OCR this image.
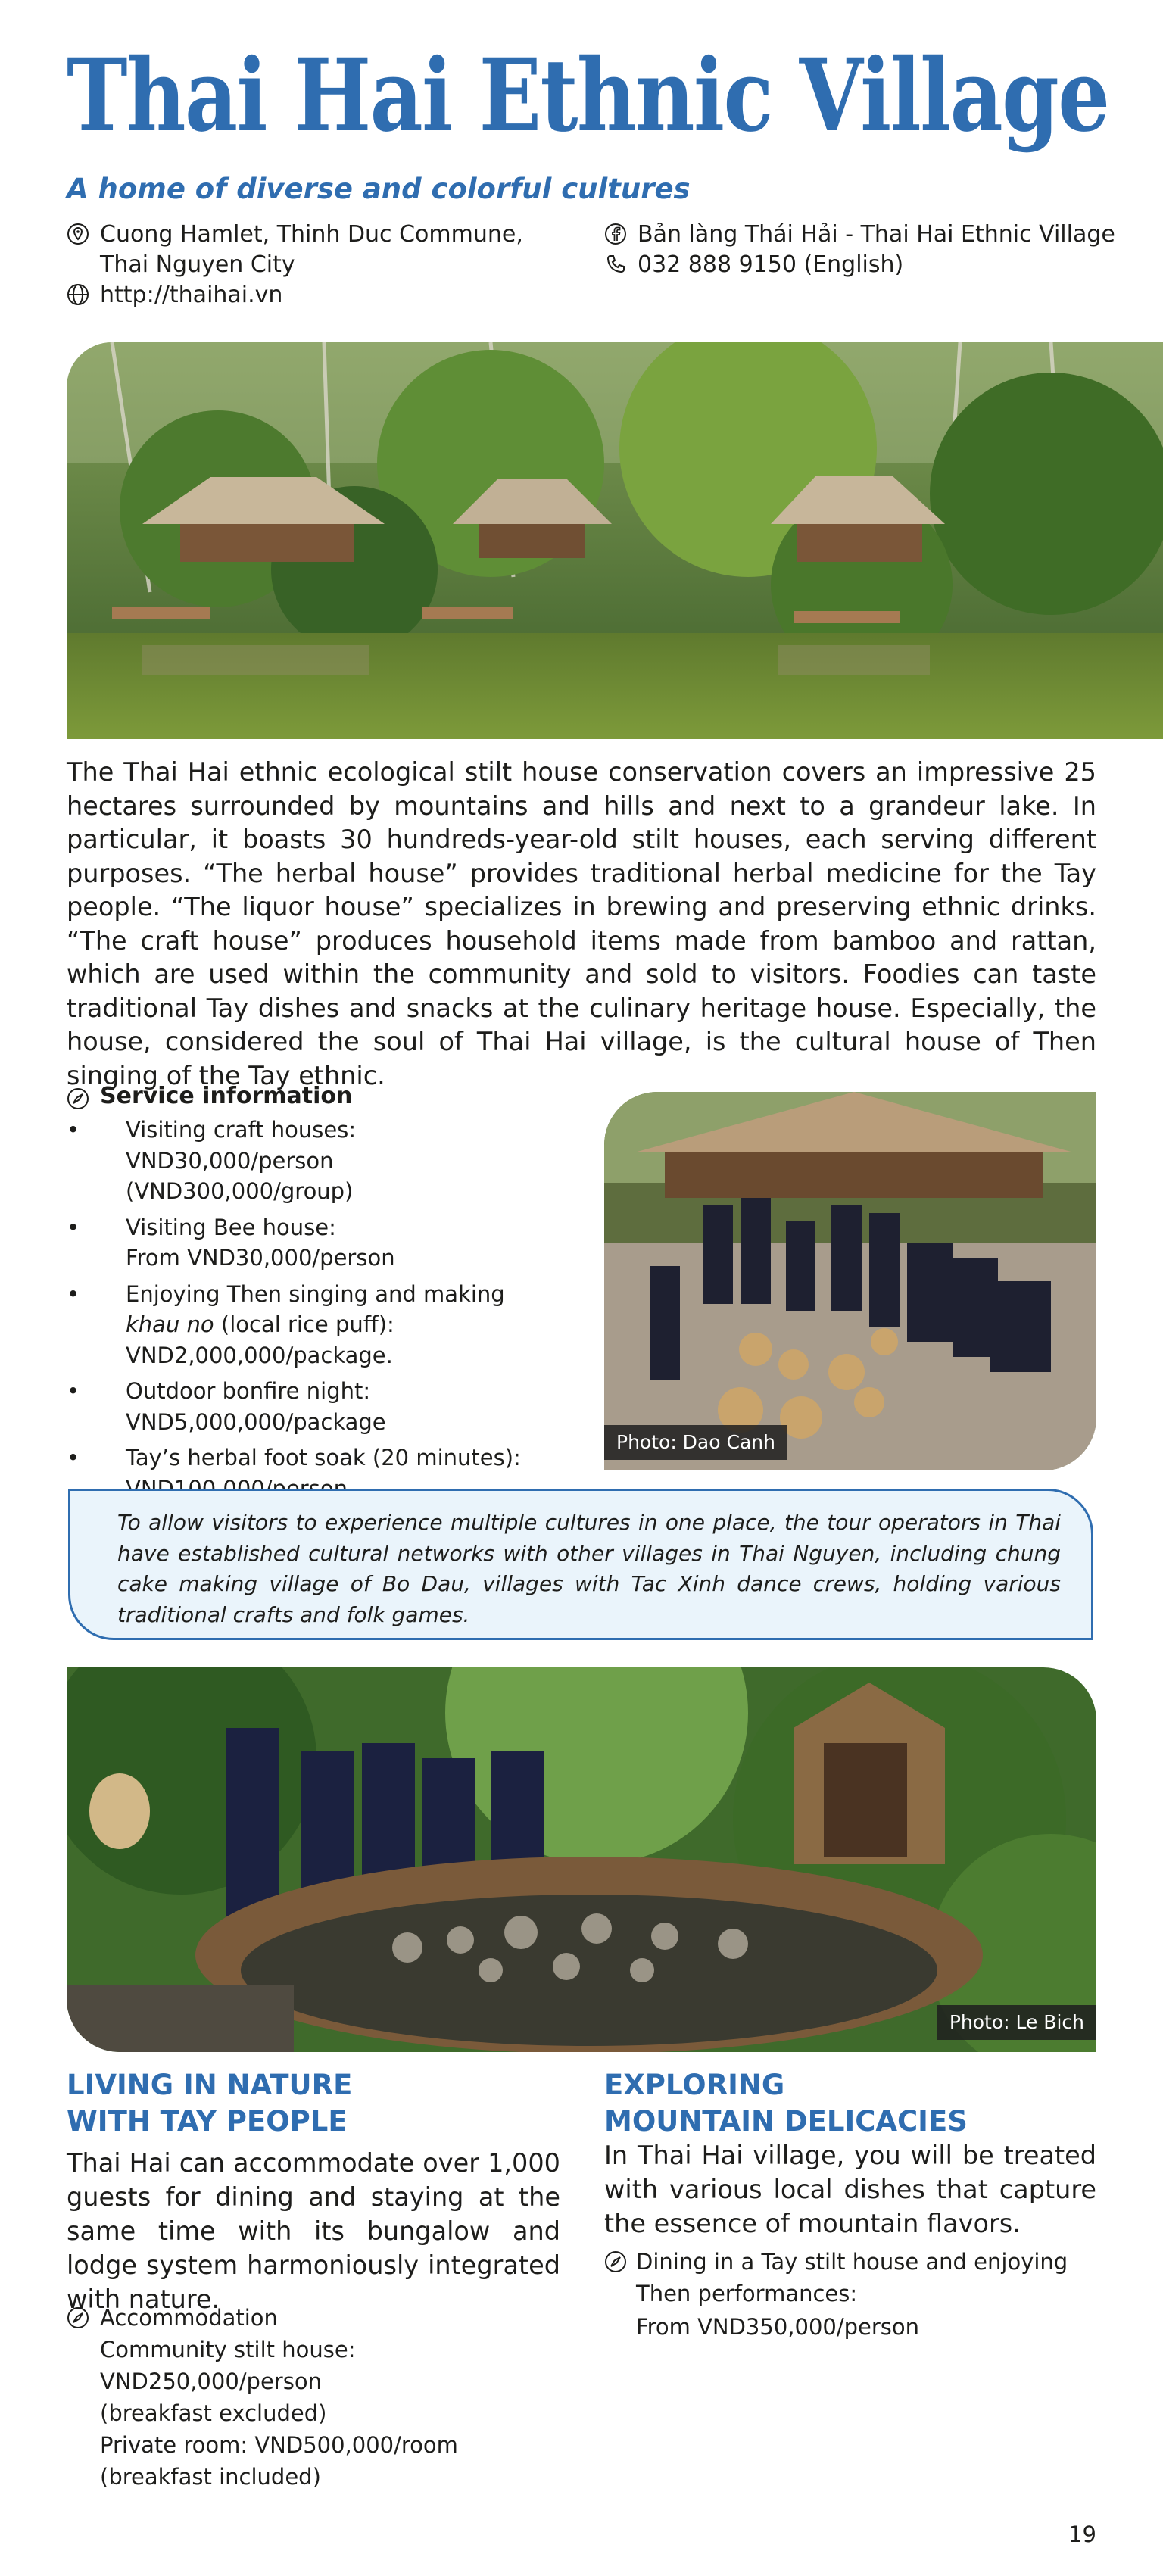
Thai Hai Ethnic Village
A home of diverse and colorful cultures
Cuong Hamlet, Thinh Duc Commune,
Thai Nguyen City
http://thaihai.vn
Bản làng Thái Hải - Thai Hai Ethnic Village
032 888 9150 (English)
The Thai Hai ethnic ecological stilt house conservation covers an impressive 25 hectares surrounded by mountains and hills and next to a grandeur lake. In particular, it boasts 30 hundreds-year-old stilt houses, each serving different purposes. “The herbal house” provides traditional herbal medicine for the Tay people. “The liquor house” specializes in brewing and preserving ethnic drinks. “The craft house” produces household items made from bamboo and rattan, which are used within the community and sold to visitors. Foodies can taste traditional Tay dishes and snacks at the culinary heritage house. Especially, the house, considered the soul of Thai Hai village, is the cultural house of Then singing of the Tay ethnic.
Service information
• Visiting craft houses: VND30,000/person
(VND300,000/group)
• Visiting Bee house:
From VND30,000/person
• Enjoying Then singing and making
khau no (local rice puff):
VND2,000,000/package.
• Outdoor bonfire night:
VND5,000,000/package
• Tay’s herbal foot soak (20 minutes):
Photo: Dao Canh
To allow visitors to experience multiple cultures in one place, the tour operators in Thai have established cultural networks with other villages in Thai Nguyen, including chung cake making village of Bo Dau, villages with Tac Xinh dance crews, holding various traditional crafts and folk games.
Photo: Le Bich
LIVING IN NATURE
WITH TAY PEOPLE
Thai Hai can accommodate over 1,000 guests for dining and staying at the same time with its bungalow and lodge system harmoniously integrated with nature.
Accommodation
Community stilt house:
VND250,000/person
(breakfast excluded)
Private room: VND500,000/room
(breakfast included)
EXPLORING
MOUNTAIN DELICACIES
In Thai Hai village, you will be treated with various local dishes that capture the essence of mountain flavors.
Dining in a Tay stilt house and enjoying
Then performances:
From VND350,000/person
19
